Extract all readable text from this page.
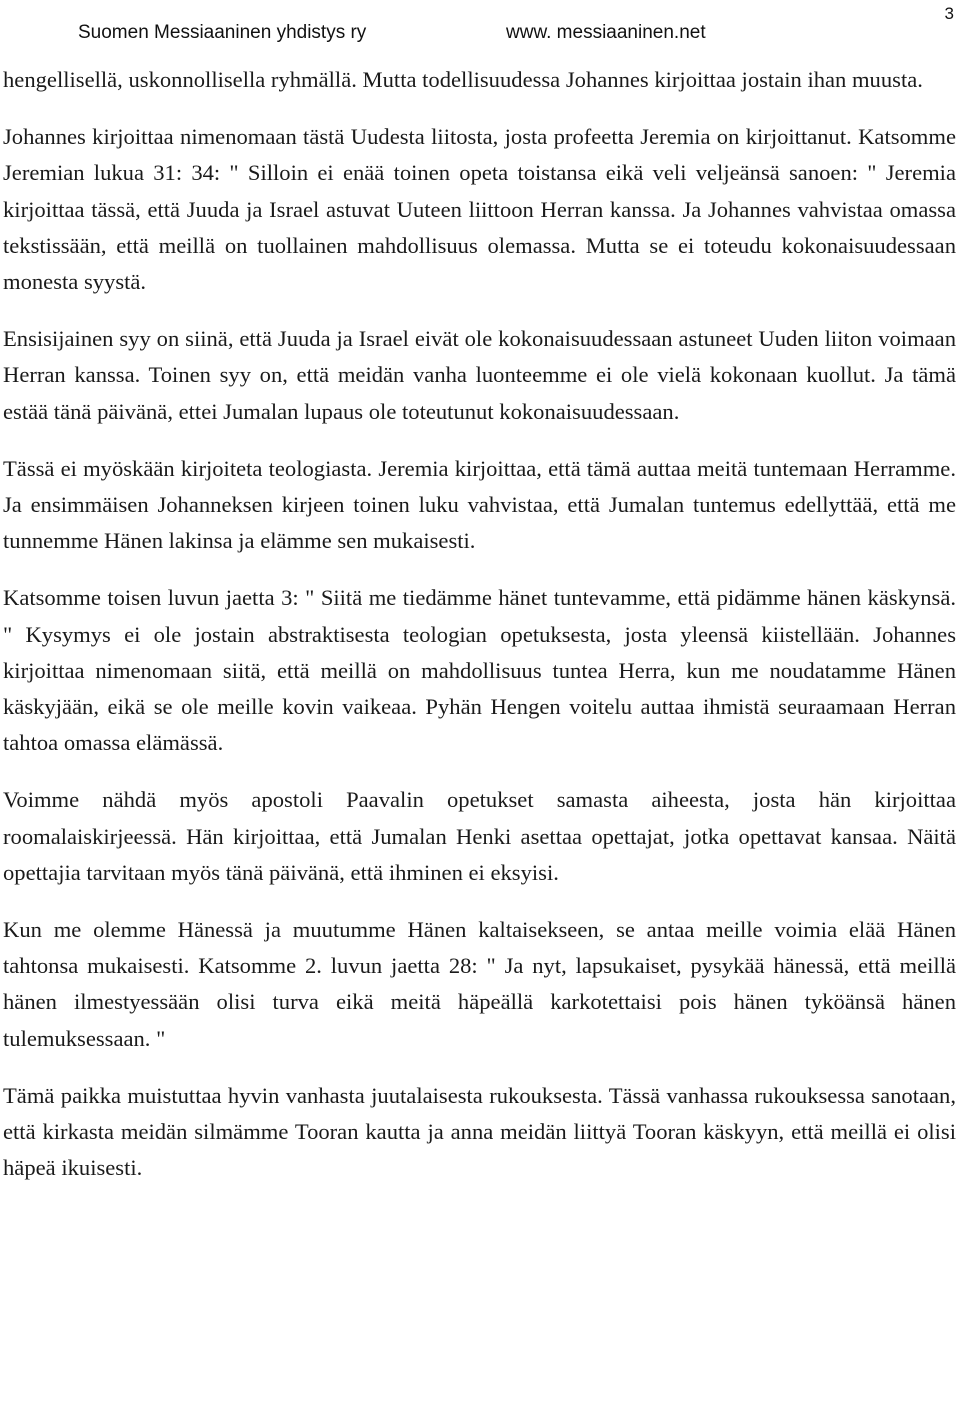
Suomen Messiaaninen yhdistys ry	www. messiaaninen.net
3

hengellisellä, uskonnollisella ryhmällä. Mutta todellisuudessa Johannes kirjoittaa jostain ihan muusta.

Johannes kirjoittaa nimenomaan tästä Uudesta liitosta, josta profeetta Jeremia on kirjoittanut. Katsomme Jeremian lukua 31: 34: " Silloin ei enää toinen opeta toistansa eikä veli veljeänsä sanoen: " Jeremia kirjoittaa tässä, että Juuda ja Israel astuvat Uuteen liittoon Herran kanssa. Ja Johannes vahvistaa omassa tekstissään, että meillä on tuollainen mahdollisuus olemassa. Mutta se ei toteudu kokonaisuudessaan monesta syystä.

Ensisijainen syy on siinä, että Juuda ja Israel eivät ole kokonaisuudessaan astuneet Uuden liiton voimaan Herran kanssa. Toinen syy on, että meidän vanha luonteemme ei ole vielä kokonaan kuollut. Ja tämä estää tänä päivänä, ettei Jumalan lupaus ole toteutunut kokonaisuudessaan.

Tässä ei myöskään kirjoiteta teologiasta. Jeremia kirjoittaa, että tämä auttaa meitä tuntemaan Herramme. Ja ensimmäisen Johanneksen kirjeen toinen luku vahvistaa, että Jumalan tuntemus edellyttää, että me tunnemme Hänen lakinsa ja elämme sen mukaisesti.

Katsomme toisen luvun jaetta 3: " Siitä me tiedämme hänet tuntevamme, että pidämme hänen käskynsä. " Kysymys ei ole jostain abstraktisesta teologian opetuksesta, josta yleensä kiistellään. Johannes kirjoittaa nimenomaan siitä, että meillä on mahdollisuus tuntea Herra, kun me noudatamme Hänen käskyjään, eikä se ole meille kovin vaikeaa. Pyhän Hengen voitelu auttaa ihmistä seuraamaan Herran tahtoa omassa elämässä.

Voimme nähdä myös apostoli Paavalin opetukset samasta aiheesta, josta hän kirjoittaa roomalaiskirjeessä. Hän kirjoittaa, että Jumalan Henki asettaa opettajat, jotka opettavat kansaa. Näitä opettajia tarvitaan myös tänä päivänä, että ihminen ei eksyisi.

Kun me olemme Hänessä ja muutumme Hänen kaltaisekseen, se antaa meille voimia elää Hänen tahtonsa mukaisesti. Katsomme 2. luvun jaetta 28: " Ja nyt, lapsukaiset, pysykää hänessä, että meillä hänen ilmestyessään olisi turva eikä meitä häpeällä karkotettaisi pois hänen tyköänsä hänen tulemuksessaan. "

Tämä paikka muistuttaa hyvin vanhasta juutalaisesta rukouksesta. Tässä vanhassa rukouksessa sanotaan, että kirkasta meidän silmämme Tooran kautta ja anna meidän liittyä Tooran käskyyn, että meillä ei olisi häpeä ikuisesti.
